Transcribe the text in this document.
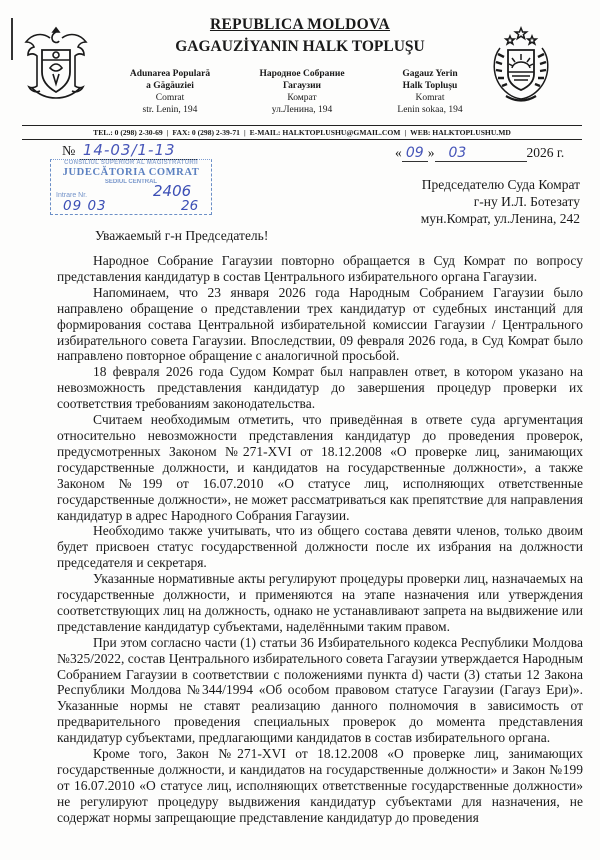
REPUBLICA MOLDOVA
GAGAUZİYANIN HALK TOPLUŞU
Adunarea Populară
a Găgăuziei
Comrat
str. Lenin, 194
Народное Собрание
Гагаузии
Комрат
ул.Ленина, 194
Gagauz Yerin
Halk Toplușu
Komrat
Lenin sokaa, 194
TEL.: 0 (298) 2-30-69 | FAX: 0 (298) 2-39-71 | E-MAIL: HALKTOPLUSHU@GMAIL.COM | WEB: HALKTOPLUSHU.MD
№ 14-03/1-13	« 09 » 03	2026 г.
CONSILIUL SUPERIOR AL MAGISTRATURII
JUDECĂTORIA COMRAT
SEDIUL CENTRAL
Intrare Nr.	2406
09 03	26
Председателю Суда Комрат
г-ну И.Л. Ботезату
мун.Комрат, ул.Ленина, 242
Уважаемый г-н Председатель!

Народное Собрание Гагаузии повторно обращается в Суд Комрат по вопросу представления кандидатур в состав Центрального избирательного органа Гагаузии.

Напоминаем, что 23 января 2026 года Народным Собранием Гагаузии было направлено обращение о представлении трех кандидатур от судебных инстанций для формирования состава Центральной избирательной комиссии Гагаузии / Центрального избирательного совета Гагаузии. Впоследствии, 09 февраля 2026 года, в Суд Комрат было направлено повторное обращение с аналогичной просьбой.

18 февраля 2026 года Судом Комрат был направлен ответ, в котором указано на невозможность представления кандидатур до завершения процедур проверки их соответствия требованиям законодательства.

Считаем необходимым отметить, что приведённая в ответе суда аргументация относительно невозможности представления кандидатур до проведения проверок, предусмотренных Законом №271-XVI от 18.12.2008 «О проверке лиц, занимающих государственные должности, и кандидатов на государственные должности», а также Законом №199 от 16.07.2010 «О статусе лиц, исполняющих ответственные государственные должности», не может рассматриваться как препятствие для направления кандидатур в адрес Народного Собрания Гагаузии.

Необходимо также учитывать, что из общего состава девяти членов, только двоим будет присвоен статус государственной должности после их избрания на должности председателя и секретаря.

Указанные нормативные акты регулируют процедуры проверки лиц, назначаемых на государственные должности, и применяются на этапе назначения или утверждения соответствующих лиц на должность, однако не устанавливают запрета на выдвижение или представление кандидатур субъектами, наделёнными таким правом.

При этом согласно части (1) статьи 36 Избирательного кодекса Республики Молдова №325/2022, состав Центрального избирательного совета Гагаузии утверждается Народным Собранием Гагаузии в соответствии с положениями пункта d) части (3) статьи 12 Закона Республики Молдова №344/1994 «Об особом правовом статусе Гагаузии (Гагауз Ери)». Указанные нормы не ставят реализацию данного полномочия в зависимость от предварительного проведения специальных проверок до момента представления кандидатур субъектами, предлагающими кандидатов в состав избирательного органа.

Кроме того, Закон №271-XVI от 18.12.2008 «О проверке лиц, занимающих государственные должности, и кандидатов на государственные должности» и Закон №199 от 16.07.2010 «О статусе лиц, исполняющих ответственные государственные должности» не регулируют процедуру выдвижения кандидатур субъектами для назначения, не содержат нормы запрещающие представление кандидатур до проведения
